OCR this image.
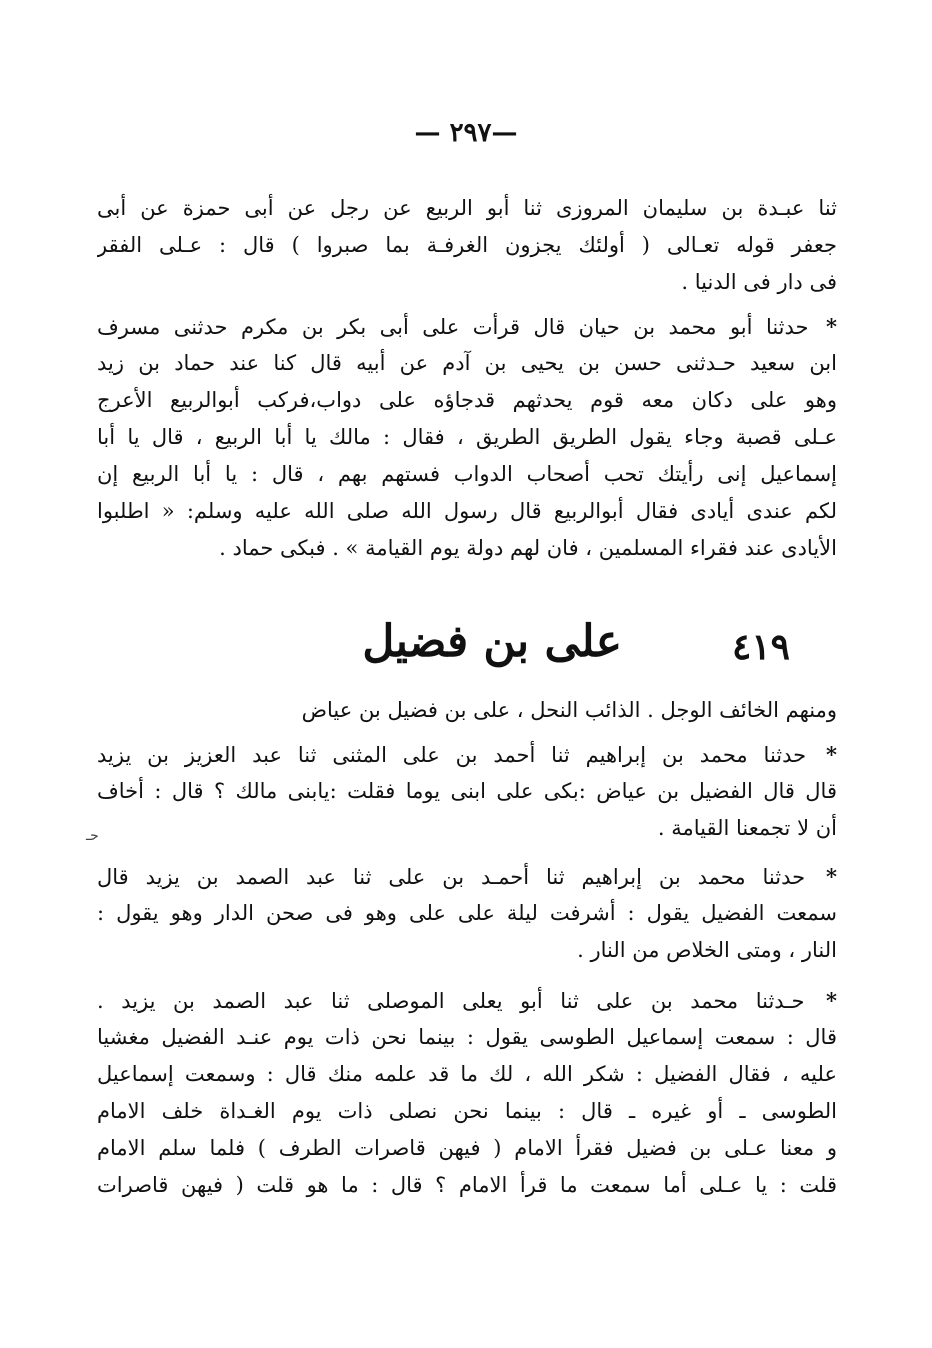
—٢٩٧ —
ثنا عبـدة بن سليمان المروزى ثنا أبو الربيع عن رجل عن أبى حمزة عن أبى
جعفر قوله تعـالى ( أولئك يجزون الغرفـة بما صبروا ) قال : عـلى الفقر
فى دار فى الدنيا .
* حدثنا أبو محمد بن حيان قال قرأت على أبى بكر بن مكرم حدثنى مسرف
ابن سعيد حـدثنى حسن بن يحيى بن آدم عن أبيه قال كنا عند حماد بن زيد
وهو على دكان معه قوم يحدثهم قدجاؤه على دواب،فركب أبوالربيع الأعرج
عـلى قصبة وجاء يقول الطريق الطريق ، فقال : مالك يا أبا الربيع ، قال يا أبا
إسماعيل إنى رأيتك تحب أصحاب الدواب فستهم بهم ، قال : يا أبا الربيع إن
لكم عندى أيادى فقال أبوالربيع قال رسول الله صلى الله عليه وسلم: « اطلبوا
الأيادى عند فقراء المسلمين ، فان لهم دولة يوم القيامة » . فبكى حماد .
٤١٩
على بن فضيل
ومنهم الخائف الوجل . الذائب النحل ، على بن فضيل بن عياض
* حدثنا محمد بن إبراهيم ثنا أحمد بن على المثنى ثنا عبد العزيز بن يزيد
قال قال الفضيل بن عياض :بكى على ابنى يوما فقلت :يابنى مالك ؟ قال : أخاف
أن لا تجمعنا القيامة .
حـ
* حدثنا محمد بن إبراهيم ثنا أحمـد بن على ثنا عبد الصمد بن يزيد قال
سمعت الفضيل يقول : أشرفت ليلة على على وهو فى صحن الدار وهو يقول :
النار ، ومتى الخلاص من النار .
* حـدثنا محمد بن على ثنا أبو يعلى الموصلى ثنا عبد الصمد بن يزيد .
قال : سمعت إسماعيل الطوسى يقول : بينما نحن ذات يوم عنـد الفضيل مغشيا
عليه ، فقال الفضيل : شكر الله ، لك ما قد علمه منك قال : وسمعت إسماعيل
الطوسى ـ أو غيره ـ قال : بينما نحن نصلى ذات يوم الغـداة خلف الامام
و معنا عـلى بن فضيل فقرأ الامام ( فيهن قاصرات الطرف ) فلما سلم الامام
قلت : يا عـلى أما سمعت ما قرأ الامام ؟ قال : ما هو قلت ( فيهن قاصرات
